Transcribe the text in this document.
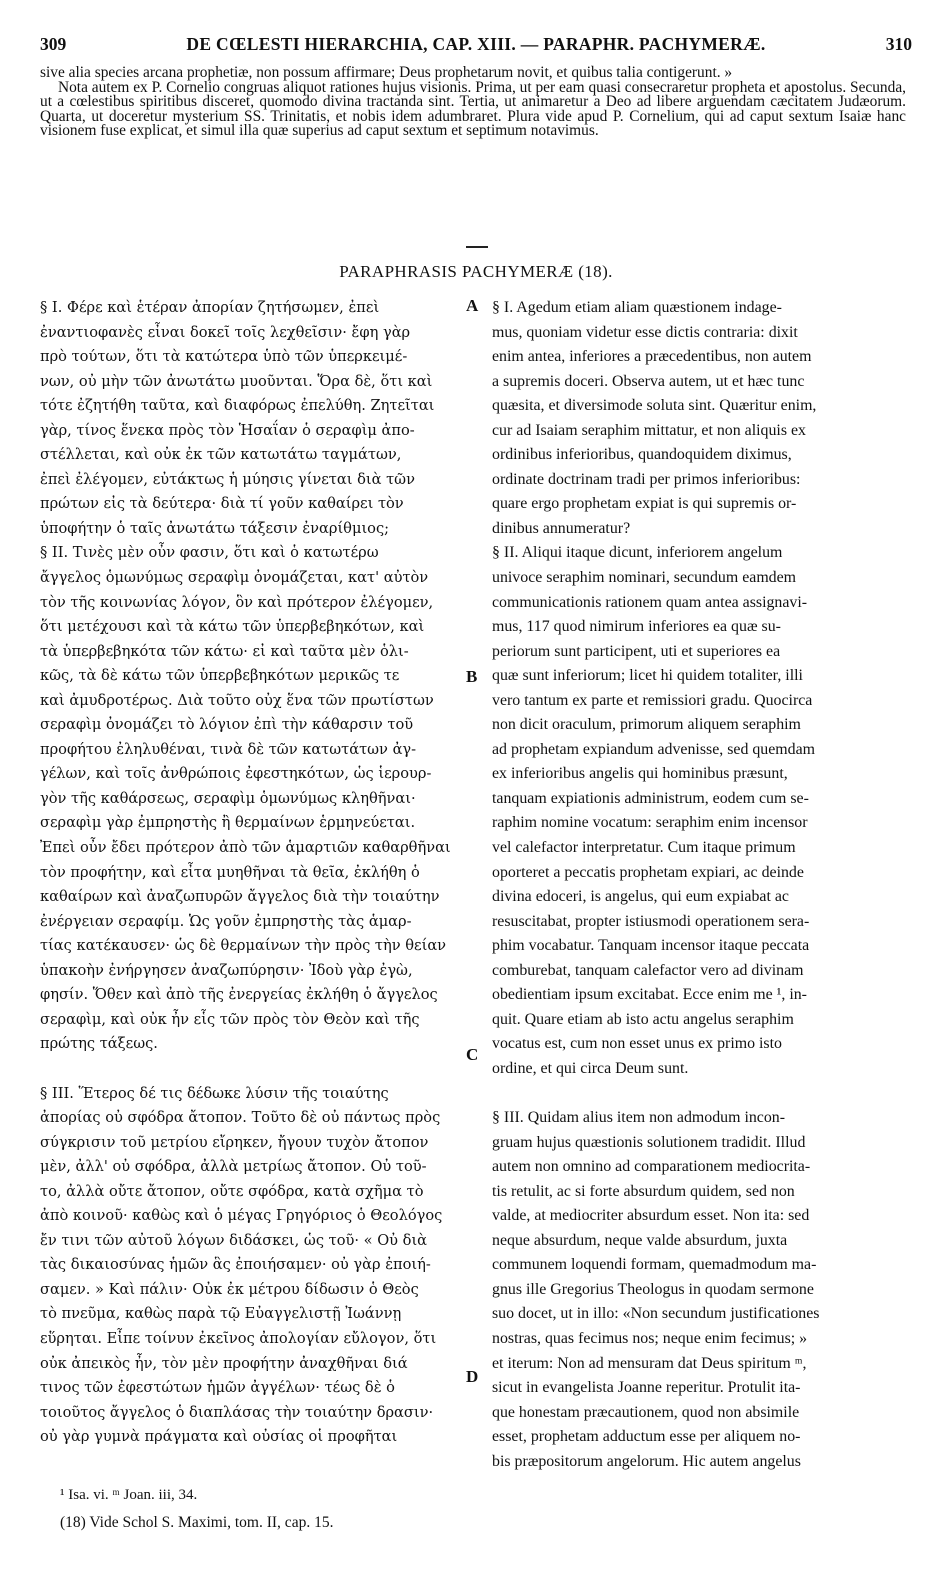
309	DE CŒLESTI HIERARCHIA, CAP. XIII. — PARAPHR. PACHYMERÆ.	310

sive alia species arcana prophetiæ, non possum affirmare; Deus prophetarum novit, et quibus talia contigerunt. »

Nota autem ex P. Cornelio congruas aliquot rationes hujus visionis. Prima, ut per eam quasi consecraretur propheta et apostolus. Secunda, ut a cœlestibus spiritibus disceret, quomodo divina tractanda sint. Tertia, ut animaretur a Deo ad libere arguendam cæcitatem Judæorum. Quarta, ut doceretur mysterium SS. Trinitatis, et nobis idem adumbraret. Plura vide apud P. Cornelium, qui ad caput sextum Isaiæ hanc visionem fuse explicat, et simul illa quæ superius ad caput sextum et septimum notavimus.

PARAPHRASIS PACHYMERÆ (18).
§ I. Φέρε καὶ ἑτέραν ἀπορίαν ζητήσωμεν, ἐπεὶ
ἐναντιοφανὲς εἶναι δοκεῖ τοῖς λεχθεῖσιν· ἔφη γὰρ
πρὸ τούτων, ὅτι τὰ κατώτερα ὑπὸ τῶν ὑπερκειμέ-
νων, οὐ μὴν τῶν ἀνωτάτω μυοῦνται. Ὅρα δὲ, ὅτι καὶ
τότε ἐζητήθη ταῦτα, καὶ διαφόρως ἐπελύθη. Ζητεῖται
γὰρ, τίνος ἕνεκα πρὸς τὸν Ἡσαΐαν ὁ σεραφὶμ ἀπο-
στέλλεται, καὶ οὐκ ἐκ τῶν κατωτάτω ταγμάτων,
ἐπεὶ ἐλέγομεν, εὐτάκτως ἡ μύησις γίνεται διὰ τῶν
πρώτων εἰς τὰ δεύτερα· διὰ τί γοῦν καθαίρει τὸν
ὑποφήτην ὁ ταῖς ἀνωτάτω τάξεσιν ἐναρίθμιος;
§ II. Τινὲς μὲν οὖν φασιν, ὅτι καὶ ὁ κατωτέρω
ἄγγελος ὁμωνύμως σεραφὶμ ὀνομάζεται, κατ' αὐτὸν
τὸν τῆς κοινωνίας λόγον, ὃν καὶ πρότερον ἐλέγομεν,
ὅτι μετέχουσι καὶ τὰ κάτω τῶν ὑπερβεβηκότων, καὶ
τὰ ὑπερβεβηκότα τῶν κάτω· εἰ καὶ ταῦτα μὲν ὁλι-
κῶς, τὰ δὲ κάτω τῶν ὑπερβεβηκότων μερικῶς τε
καὶ ἀμυδροτέρως. Διὰ τοῦτο οὐχ ἕνα τῶν πρωτίστων
σεραφὶμ ὀνομάζει τὸ λόγιον ἐπὶ τὴν κάθαρσιν τοῦ
προφήτου ἐληλυθέναι, τινὰ δὲ τῶν κατωτάτων ἀγ-
γέλων, καὶ τοῖς ἀνθρώποις ἐφεστηκότων, ὡς ἱερουρ-
γὸν τῆς καθάρσεως, σεραφὶμ ὁμωνύμως κληθῆναι·
σεραφὶμ γὰρ ἐμπρηστὴς ἢ θερμαίνων ἑρμηνεύεται.
Ἐπεὶ οὖν ἔδει πρότερον ἀπὸ τῶν ἁμαρτιῶν καθαρθῆναι
τὸν προφήτην, καὶ εἶτα μυηθῆναι τὰ θεῖα, ἐκλήθη ὁ
καθαίρων καὶ ἀναζωπυρῶν ἄγγελος διὰ τὴν τοιαύτην
ἐνέργειαν σεραφίμ. Ὡς γοῦν ἐμπρηστὴς τὰς ἁμαρ-
τίας κατέκαυσεν· ὡς δὲ θερμαίνων τὴν πρὸς τὴν θείαν
ὑπακοὴν ἐνήργησεν ἀναζωπύρησιν· Ἰδοὺ γὰρ ἐγὼ,
φησίν. Ὅθεν καὶ ἀπὸ τῆς ἐνεργείας ἐκλήθη ὁ ἄγγελος
σεραφὶμ, καὶ οὐκ ἦν εἷς τῶν πρὸς τὸν Θεὸν καὶ τῆς
πρώτης τάξεως.
§ III. Ἕτερος δέ τις δέδωκε λύσιν τῆς τοιαύτης
ἀπορίας οὐ σφόδρα ἄτοπον. Τοῦτο δὲ οὐ πάντως πρὸς
σύγκρισιν τοῦ μετρίου εἴρηκεν, ἤγουν τυχὸν ἄτοπον
μὲν, ἀλλ' οὐ σφόδρα, ἀλλὰ μετρίως ἄτοπον. Οὐ τοῦ-
το, ἀλλὰ οὔτε ἄτοπον, οὔτε σφόδρα, κατὰ σχῆμα τὸ
ἀπὸ κοινοῦ· καθὼς καὶ ὁ μέγας Γρηγόριος ὁ Θεολόγος
ἔν τινι τῶν αὐτοῦ λόγων διδάσκει, ὡς τοῦ· « Οὐ διὰ
τὰς δικαιοσύνας ἡμῶν ἃς ἐποιήσαμεν· οὐ γὰρ ἐποιή-
σαμεν. » Καὶ πάλιν· Οὐκ ἐκ μέτρου δίδωσιν ὁ Θεὸς
τὸ πνεῦμα, καθὼς παρὰ τῷ Εὐαγγελιστῇ Ἰωάννῃ
εὕρηται. Εἶπε τοίνυν ἐκεῖνος ἀπολογίαν εὔλογον, ὅτι
οὐκ ἀπεικὸς ἦν, τὸν μὲν προφήτην ἀναχθῆναι διά
τινος τῶν ἐφεστώτων ἡμῶν ἀγγέλων· τέως δὲ ὁ
τοιοῦτος ἄγγελος ὁ διαπλάσας τὴν τοιαύτην δρασιν·
οὐ γὰρ γυμνὰ πράγματα καὶ οὐσίας οἱ προφῆται
§ I. Agedum etiam aliam quæstionem indage-
mus, quoniam videtur esse dictis contraria: dixit
enim antea, inferiores a præcedentibus, non autem
a supremis doceri. Observa autem, ut et hæc tunc
quæsita, et diversimode soluta sint. Quæritur enim,
cur ad Isaiam seraphim mittatur, et non aliquis ex
ordinibus inferioribus, quandoquidem diximus,
ordinate doctrinam tradi per primos inferioribus:
quare ergo prophetam expiat is qui supremis or-
dinibus annumeratur?
§ II. Aliqui itaque dicunt, inferiorem angelum
univoce seraphim nominari, secundum eamdem
communicationis rationem quam antea assignavi-
mus, 117 quod nimirum inferiores ea quæ su-
periorum sunt participent, uti et superiores ea
quæ sunt inferiorum; licet hi quidem totaliter, illi
vero tantum ex parte et remissiori gradu. Quocirca
non dicit oraculum, primorum aliquem seraphim
ad prophetam expiandum advenisse, sed quemdam
ex inferioribus angelis qui hominibus præsunt,
tanquam expiationis administrum, eodem cum se-
raphim nomine vocatum: seraphim enim incensor
vel calefactor interpretatur. Cum itaque primum
oporteret a peccatis prophetam expiari, ac deinde
divina edoceri, is angelus, qui eum expiabat ac
resuscitabat, propter istiusmodi operationem sera-
phim vocabatur. Tanquam incensor itaque peccata
comburebat, tanquam calefactor vero ad divinam
obedientiam ipsum excitabat. Ecce enim me ¹, in-
quit. Quare etiam ab isto actu angelus seraphim
vocatus est, cum non esset unus ex primo isto
ordine, et qui circa Deum sunt.
§ III. Quidam alius item non admodum incon-
gruam hujus quæstionis solutionem tradidit. Illud
autem non omnino ad comparationem mediocrita-
tis retulit, ac si forte absurdum quidem, sed non
valde, at mediocriter absurdum esset. Non ita: sed
neque absurdum, neque valde absurdum, juxta
communem loquendi formam, quemadmodum ma-
gnus ille Gregorius Theologus in quodam sermone
suo docet, ut in illo: «Non secundum justificationes
nostras, quas fecimus nos; neque enim fecimus; »
et iterum: Non ad mensuram dat Deus spiritum ᵐ,
sicut in evangelista Joanne reperitur. Protulit ita-
que honestam præcautionem, quod non absimile
esset, prophetam adductum esse per aliquem no-
bis præpositorum angelorum. Hic autem angelus
A
B
C
D
¹ Isa. vi. ᵐ Joan. iii, 34.
(18) Vide Schol S. Maximi, tom. II, cap. 15.
